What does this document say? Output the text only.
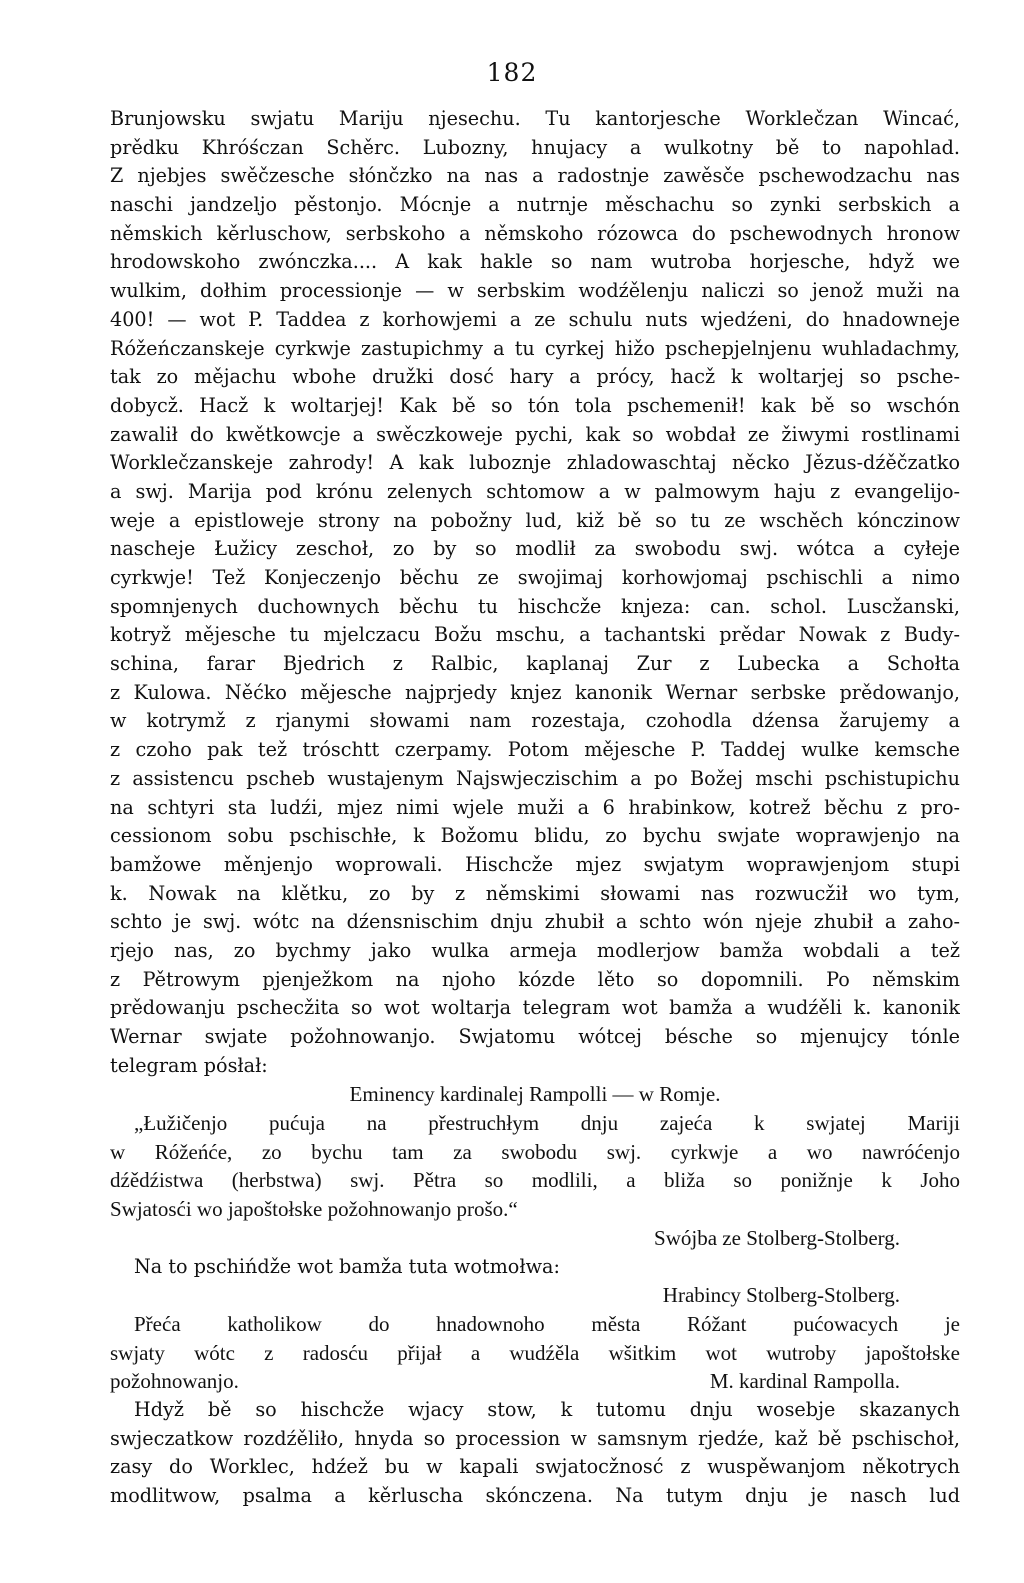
182
Brunjowsku swjatu Mariju njesechu. Tu kantorjesche Worklečzan Wincać,
prědku Khróśczan Schěrc. Lubozny, hnujacy a wulkotny bě to napohlad.
Z njebjes swěčzesche słónčzko na nas a radostnje zawěsče pschewodzachu nas
naschi jandzeljo pěstonjo. Mócnje a nutrnje měschachu so zynki serbskich a
němskich kěrluschow, serbskoho a němskoho rózowca do pschewodnych hronow
hrodowskoho zwónczka.... A kak hakle so nam wutroba horjesche, hdyž we
wulkim, dołhim processionje — w serbskim wodźělenju naliczi so jenož muži na
400! — wot P. Taddea z korhowjemi a ze schulu nuts wjedźeni, do hnadowneje
Róžeńczanskeje cyrkwje zastupichmy a tu cyrkej hižo pschepjelnjenu wuhladachmy,
tak zo mějachu wbohe družki dosć hary a prócy, hacž k woltarjej so psche-
dobycž. Hacž k woltarjej! Kak bě so tón tola pschemenił! kak bě so wschón
zawalił do kwětkowcje a swěczkoweje pychi, kak so wobdał ze žiwymi rostlinami
Worklečzanskeje zahrody! A kak luboznje zhladowaschtaj něcko Jězus-dźěčzatko
a swj. Marija pod krónu zelenych schtomow a w palmowym haju z evangelijo-
weje a epistloweje strony na pobožny lud, kiž bě so tu ze wschěch kónczinow
nascheje Łužicy zeschoł, zo by so modlił za swobodu swj. wótca a cyłeje
cyrkwje! Tež Konjeczenjo běchu ze swojimaj korhowjomaj pschischli a nimo
spomnjenych duchownych běchu tu hischcže knjeza: can. schol. Luscžanski,
kotryž mějesche tu mjelczacu Božu mschu, a tachantski prědar Nowak z Budy-
schina, farar Bjedrich z Ralbic, kaplanaj Zur z Lubecka a Schołta
z Kulowa. Něćko mějesche najprjedy knjez kanonik Wernar serbske prědowanjo,
w kotrymž z rjanymi słowami nam rozestaja, czohodla dźensa žarujemy a
z czoho pak tež tróschtt czerpamy. Potom mějesche P. Taddej wulke kemsche
z assistencu pscheb wustajenym Najswjeczischim a po Božej mschi pschistupichu
na schtyri sta ludźi, mjez nimi wjele muži a 6 hrabinkow, kotrež běchu z pro-
cessionom sobu pschischłe, k Božomu blidu, zo bychu swjate woprawjenjo na
bamžowe měnjenjo woprowali. Hischcže mjez swjatym woprawjenjom stupi
k. Nowak na klětku, zo by z němskimi słowami nas rozwucžił wo tym,
schto je swj. wótc na dźensnischim dnju zhubił a schto wón njeje zhubił a zaho-
rjejo nas, zo bychmy jako wulka armeja modlerjow bamža wobdali a tež
z Pětrowym pjenježkom na njoho kózde lěto so dopomnili. Po němskim
prědowanju pschecžita so wot woltarja telegram wot bamža a wudźěli k. kanonik
Wernar swjate požohnowanjo. Swjatomu wótcej bésche so mjenujcy tónle
telegram pósłał:
Eminency kardinalej Rampolli — w Romje.
„Łužičenjo pućuja na přestruchłym dnju zajeća k swjatej Mariji
w Róžeńće, zo bychu tam za swobodu swj. cyrkwje a wo nawróćenjo
dźědźistwa (herbstwa) swj. Pětra so modlili, a bliža so ponižnje k Joho
Swjatosći wo japoštołske požohnowanjo prošo.“
Swójba ze Stolberg-Stolberg.
Na to pschińdže wot bamža tuta wotmołwa:
Hrabincy Stolberg-Stolberg.
Přeća katholikow do hnadownoho města Róžant pućowacych je
swjaty wótc z radosću přijał a wudźěla wšitkim wot wutroby japoštołske
požohnowanjo.	M. kardinal Rampolla.
Hdyž bě so hischcže wjacy stow, k tutomu dnju wosebje skazanych
swjeczatkow rozdźěliło, hnyda so procession w samsnym rjedźe, kaž bě pschischoł,
zasy do Worklec, hdźež bu w kapali swjatocžnosć z wuspěwanjom někotrych
modlitwow, psalma a kěrluscha skónczena. Na tutym dnju je nasch lud
